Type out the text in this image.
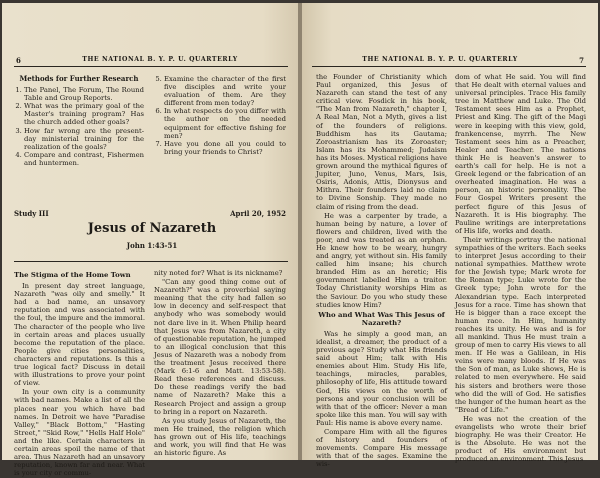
6	THE NATIONAL B. Y. P. U. QUARTERLY
Methods for Further Research
1. The Panel, The Forum, The Round Table and Group Reports.
2. What was the primary goal of the Master's training program? Has the church added other goals?
3. How far wrong are the present-day ministerial training for the realization of the goals?
4. Compare and contrast, Fishermen and huntermen.
5. Examine the character of the first five disciples and write your evaluation of them. Are they different from men today?
6. In what respects do you differ with the author on the needed equipment for effective fishing for men?
7. Have you done all you could to bring your friends to Christ?
Study III	April 20, 1952
Jesus of Nazareth
John 1:43-51
The Stigma of the Home Town

In present day street language, Nazareth "was oily and smelly." It had a bad name, an unsavory reputation and was associated with the foul, the impure and the immoral. The character of the people who live in certain areas and places usually become the reputation of the place. People give cities personalities, characters and reputations. Is this a true logical fact? Discuss in detail with illustrations to prove your point of view.

In your own city is a community with bad names. Make a list of all the places near you which have bad names. In Detroit we have "Paradise Valley," "Black Bottom," "Hasting Street," "Skid Row," "Hells Half Hole" and the like. Certain characters in certain areas spoil the name of that area. Thus Nazareth had an unsavory reputation, known far and near. What is your city or commu-

nity noted for? What is its nickname?

"Can any good thing come out of Nazareth?" was a proverbial saying meaning that the city had fallen so low in decency and self-respect that anybody who was somebody would not dare live in it. When Philip heard that Jesus was from Nazareth, a city of questionable reputation, he jumped to an illogical conclusion that this Jesus of Nazareth was a nobody from the treatment Jesus received there (Mark 6:1-6 and Matt. 13:53-58). Read these references and discuss. Do these readings verify the bad name of Nazareth? Make this a Research Project and assign a group to bring in a report on Nazareth.

As you study Jesus of Nazareth, the men He trained, the religion which has grown out of His life, teachings and work, you will find that He was an historic figure. As

THE NATIONAL B. Y. P. U. QUARTERLY	7

the Founder of Christianity which Paul organized, this Jesus of Nazareth can stand the test of any critical view. Fosdick in his book, "The Man from Nazareth," chapter I, A Real Man, Not a Myth, gives a list of the founders of religions. Buddhism has its Gautama; Zoroastrianism has its Zoroaster; Islam has its Mohammed; Judaism has its Moses. Mystical religions have grown around the mythical figures of Jupiter, Juno, Venus, Mars, Isis, Osiris, Adonis, Attis, Dionysus and Mithra. Their founders laid no claim to Divine Sonship. They made no claim of rising from the dead.

He was a carpenter by trade, a human being by nature, a lover of flowers and children, lived with the poor, and was treated as an orphan. He knew how to be weary, hungry and angry, yet without sin. His family called him insane; his church branded Him as an heretic; His government labelled Him a traitor. Today Christianity worships Him as the Saviour. Do you who study these studies know Him?

Who and What Was This Jesus of Nazareth?

Was he simply a good man, an idealist, a dreamer, the product of a previous age? Study what His friends said about Him; talk with His enemies about Him. Study His life, teachings, miracles, parables, philosophy of life, His attitude toward God, His views on the worth of persons and your conclusion will be with that of the officer: Never a man spoke like this man. You will say with Paul: His name is above every name.

Compare Him with all the figures of history and founders of movements. Compare His message with that of the sages. Examine the wis-

dom of what He said. You will find that He dealt with eternal values and universal principles. Trace His family tree in Matthew and Luke. The Old Testament sees Him as a Prophet, Priest and King. The gift of the Magi were in keeping with this view, gold, frankencense, myrrh. The New Testament sees him as a Preacher, Healer and Teacher. The nations think He is heaven's answer to earth's call for help. He is not a Greek legend or the fabrication of an overheated imagination. He was a person, an historic personality. The Four Gospel Writers present the perfect figure of this Jesus of Nazareth. It is His biography. The Pauline writings are interpretations of His life, works and death.

Their writings portray the national sympathies of the writers. Each seeks to interpret Jesus according to their national sympathies. Matthew wrote for the Jewish type; Mark wrote for the Roman type; Luke wrote for the Greek type; John wrote for the Alexandrian type. Each interpreted Jesus for a race. Time has shown that He is bigger than a race except the human race. In Him, humanity reaches its unity. He was and is for all mankind. Thus He must train a group of men to carry His views to all men. If He was a Galilean, in His veins were many bloods. If He was the Son of man, as Luke shows, He is related to men everywhere. He said his sisters and brothers were those who did the will of God. He satisfies the hunger of the human heart as the "Bread of Life."

He was not the creation of the evangelists who wrote their brief biography. He was their Creator. He is the Absolute. He was not the product of His environment but produced an environment. This Jesus
